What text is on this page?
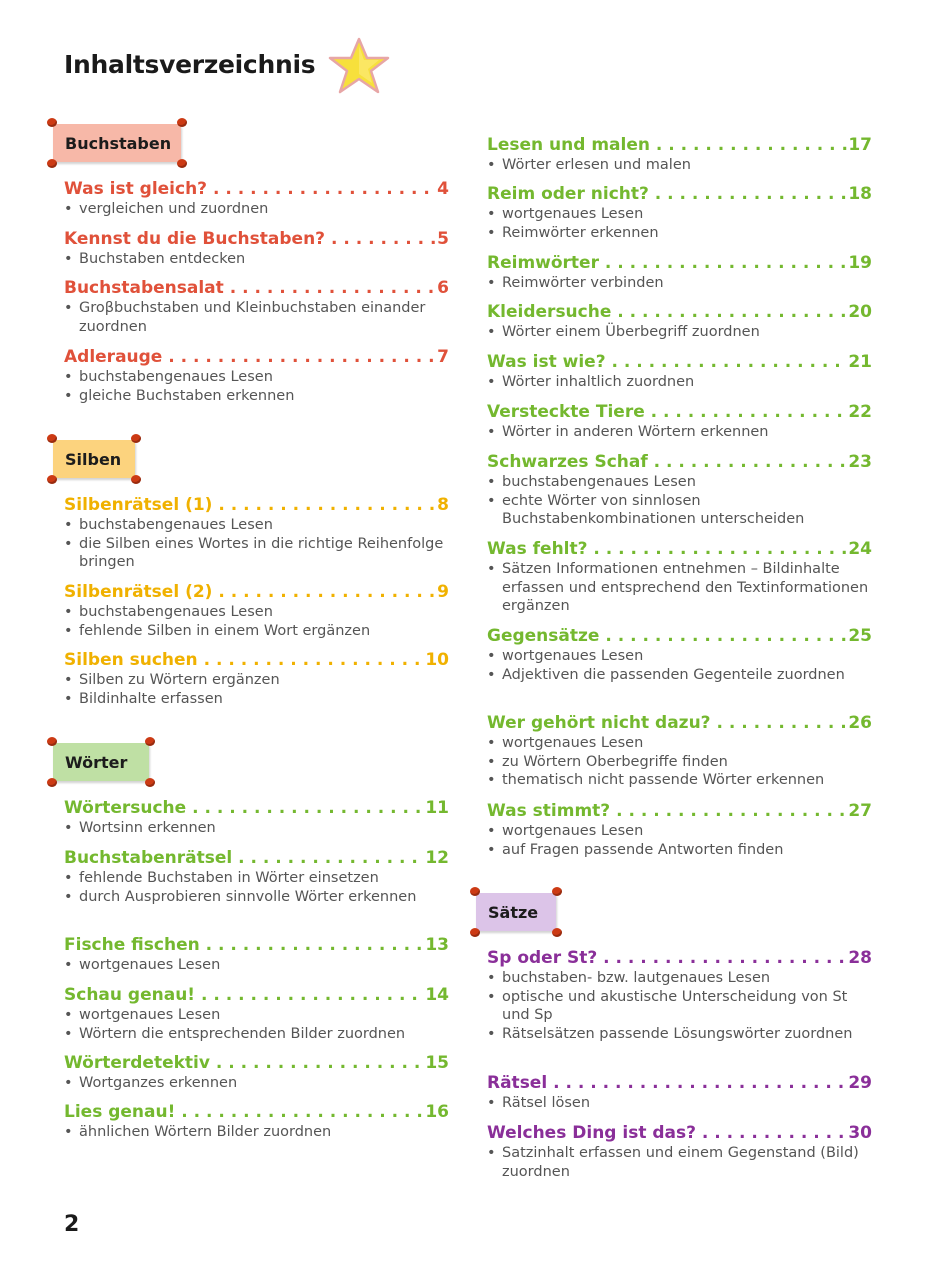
Inhaltsverzeichnis
Buchstaben
Silben
Wörter
Sätze
Was ist gleich? . . .	4
• vergleichen und zuordnen
Kennst du die Buchstaben? . . .	5
• Buchstaben entdecken
Buchstabensalat . . .	6
• Groβbuchstaben und Kleinbuchstaben einander zuordnen
Adlerauge . . .	7
• buchstabengenaues Lesen
• gleiche Buchstaben erkennen
Silbenrätsel (1) . . .	8
• buchstabengenaues Lesen
• die Silben eines Wortes in die richtige Reihenfolge bringen
Silbenrätsel (2) . . .	9
• buchstabengenaues Lesen
• fehlende Silben in einem Wort ergänzen
Silben suchen . . .	10
• Silben zu Wörtern ergänzen
• Bildinhalte erfassen
Wörtersuche . . .	11
• Wortsinn erkennen
Buchstabenrätsel . . .	12
• fehlende Buchstaben in Wörter einsetzen
• durch Ausprobieren sinnvolle Wörter erkennen
Fische fischen . . .	13
• wortgenaues Lesen
Schau genau! . . .	14
• wortgenaues Lesen
• Wörtern die entsprechenden Bilder zuordnen
Wörterdetektiv . . .	15
• Wortganzes erkennen
Lies genau! . . .	16
• ähnlichen Wörtern Bilder zuordnen
Lesen und malen . . .	17
• Wörter erlesen und malen
Reim oder nicht? . . .	18
• wortgenaues Lesen
• Reimwörter erkennen
Reimwörter . . .	19
• Reimwörter verbinden
Kleidersuche . . .	20
• Wörter einem Überbegriff zuordnen
Was ist wie? . . .	21
• Wörter inhaltlich zuordnen
Versteckte Tiere . . .	22
• Wörter in anderen Wörtern erkennen
Schwarzes Schaf . . .	23
• buchstabengenaues Lesen
• echte Wörter von sinnlosen Buchstabenkombinationen unterscheiden
Was fehlt? . . .	24
• Sätzen Informationen entnehmen – Bildinhalte erfassen und entsprechend den Textinformationen ergänzen
Gegensätze . . .	25
• wortgenaues Lesen
• Adjektiven die passenden Gegenteile zuordnen
Wer gehört nicht dazu? . . .	26
• wortgenaues Lesen
• zu Wörtern Oberbegriffe finden
• thematisch nicht passende Wörter erkennen
Was stimmt? . . .	27
• wortgenaues Lesen
• auf Fragen passende Antworten finden
Sp oder St? . . .	28
• buchstaben- bzw. lautgenaues Lesen
• optische und akustische Unterscheidung von St und Sp
• Rätselsätzen passende Lösungswörter zuordnen
Rätsel . . .	29
• Rätsel lösen
Welches Ding ist das? . . .	30
• Satzinhalt erfassen und einem Gegenstand (Bild) zuordnen
2
